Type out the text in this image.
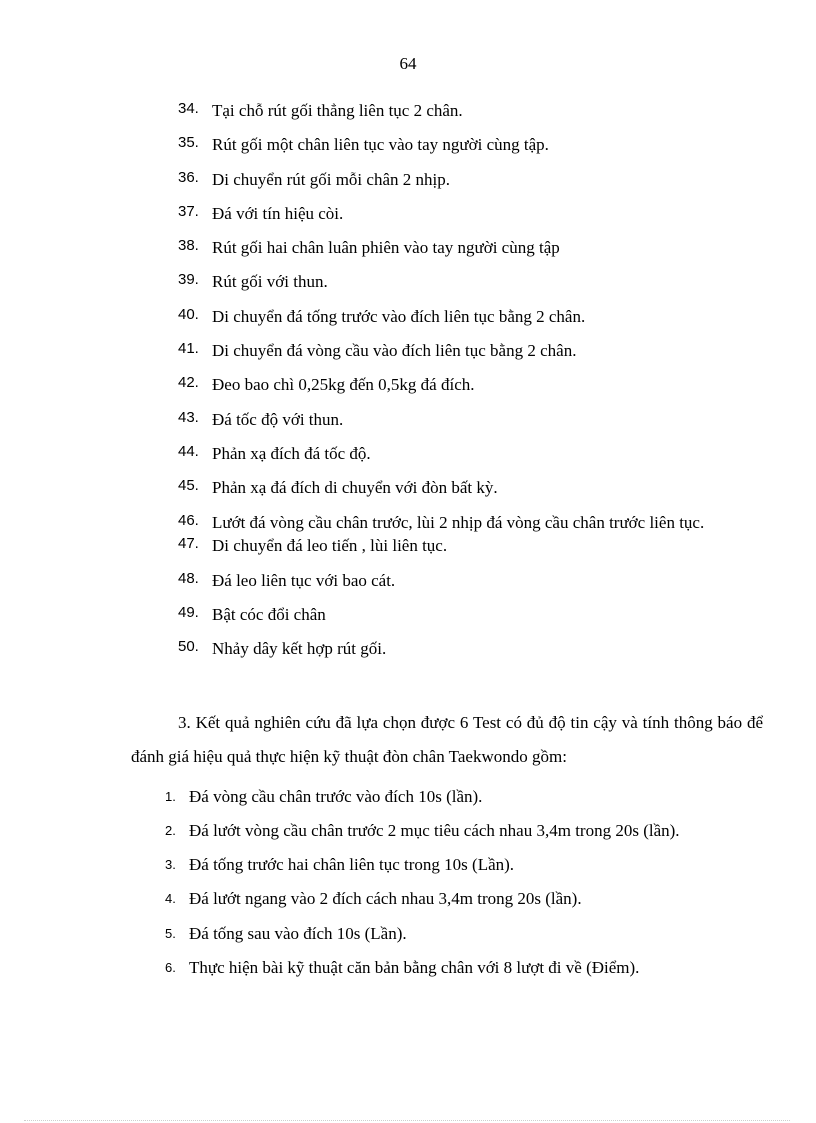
64
34. Tại chỗ rút gối thẳng liên tục 2 chân.
35. Rút gối một chân liên tục vào tay người cùng tập.
36. Di chuyển rút gối mỗi chân 2 nhịp.
37. Đá với tín hiệu còi.
38. Rút gối hai chân luân phiên vào tay người cùng tập
39. Rút gối với thun.
40. Di chuyển đá tống trước vào đích liên tục bằng 2 chân.
41. Di chuyển đá vòng cầu vào đích liên tục bằng 2 chân.
42. Đeo bao chì 0,25kg đến 0,5kg đá đích.
43. Đá tốc độ với thun.
44. Phản xạ đích đá tốc độ.
45. Phản xạ đá đích di chuyển với đòn bất kỳ.
46. Lướt đá vòng cầu chân trước, lùi 2 nhịp đá vòng cầu chân trước liên tục.
47. Di chuyển đá leo tiến , lùi liên tục.
48. Đá leo liên tục với bao cát.
49. Bật cóc đổi chân
50. Nhảy dây kết hợp rút gối.

3. Kết quả nghiên cứu đã lựa chọn được 6 Test có đủ độ tin cậy và tính thông báo để đánh giá hiệu quả thực hiện kỹ thuật đòn chân Taekwondo gồm:

1. Đá vòng cầu chân trước vào đích 10s (lần).
2. Đá lướt vòng cầu chân trước 2 mục tiêu cách nhau 3,4m trong 20s (lần).
3. Đá tống trước hai chân liên tục trong 10s (Lần).
4. Đá lướt ngang vào 2 đích cách nhau 3,4m trong 20s (lần).
5. Đá tống sau vào đích 10s (Lần).
6. Thực hiện bài kỹ thuật căn bản bằng chân với 8 lượt đi về (Điểm).
